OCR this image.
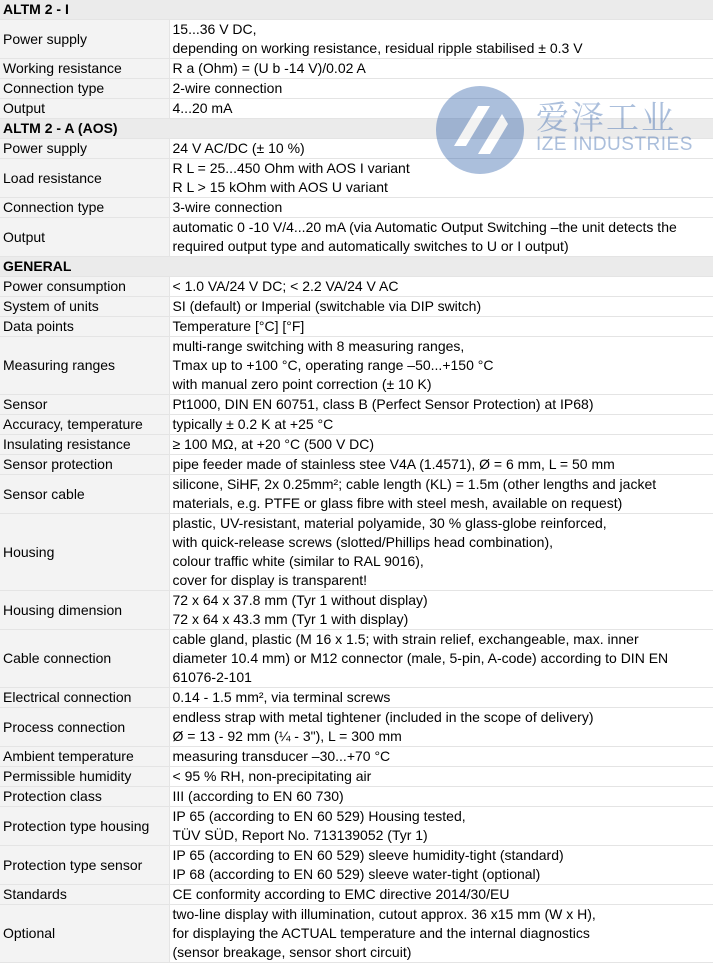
ALTM 2 - I	
Power supply	15...36 V DC,
depending on working resistance, residual ripple stabilised ± 0.3 V

Working resistance	R a (Ohm) = (U b -14 V)/0.02 A

Connection type	2-wire connection

Output	4...20 mA

ALTM 2 - A (AOS)	
Power supply	24 V AC/DC (± 10 %)

Load resistance	R L = 25...450 Ohm with AOS I variant
R L > 15 kOhm with AOS U variant

Connection type	3-wire connection

Output	automatic 0 -10 V/4...20 mA (via Automatic Output Switching –the unit detects the
required output type and automatically switches to U or I output)

GENERAL	
Power consumption	< 1.0 VA/24 V DC; < 2.2 VA/24 V AC

System of units	SI (default) or Imperial (switchable via DIP switch)

Data points	Temperature [°C] [°F]

Measuring ranges	multi-range switching with 8 measuring ranges,
Tmax up to +100 °C, operating range –50...+150 °C
with manual zero point correction (± 10 K)

Sensor	Pt1000, DIN EN 60751, class B (Perfect Sensor Protection) at IP68)

Accuracy, temperature	typically ± 0.2 K at +25 °C

Insulating resistance	≥ 100 MΩ, at +20 °C (500 V DC)

Sensor protection	pipe feeder made of stainless stee V4A (1.4571), Ø = 6 mm, L = 50 mm

Sensor cable	silicone, SiHF, 2x 0.25mm²; cable length (KL) = 1.5m (other lengths and jacket
materials, e.g. PTFE or glass fibre with steel mesh, available on request)

Housing	plastic, UV-resistant, material polyamide, 30 % glass-globe reinforced,
with quick-release screws (slotted/Phillips head combination),
colour traffic white (similar to RAL 9016),
cover for display is transparent!

Housing dimension	72 x 64 x 37.8 mm (Tyr 1 without display)
72 x 64 x 43.3 mm (Tyr 1 with display)

Cable connection	cable gland, plastic (M 16 x 1.5; with strain relief, exchangeable, max. inner
diameter 10.4 mm) or M12 connector (male, 5-pin, A-code) according to DIN EN
61076-2-101

Electrical connection	0.14 - 1.5 mm², via terminal screws

Process connection	endless strap with metal tightener (included in the scope of delivery)
Ø = 13 - 92 mm (¼ - 3"), L = 300 mm

Ambient temperature	measuring transducer –30...+70 °C

Permissible humidity	< 95 % RH, non-precipitating air

Protection class	III (according to EN 60 730)

Protection type housing	IP 65 (according to EN 60 529) Housing tested,
TÜV SÜD, Report No. 713139052 (Tyr 1)

Protection type sensor	IP 65 (according to EN 60 529) sleeve humidity-tight (standard)
IP 68 (according to EN 60 529) sleeve water-tight (optional)

Standards	CE conformity according to EMC directive 2014/30/EU

Optional	two-line display with illumination, cutout approx. 36 x15 mm (W x H),
for displaying the ACTUAL temperature and the internal diagnostics
(sensor breakage, sensor short circuit)
爱泽工业
IZE INDUSTRIES
